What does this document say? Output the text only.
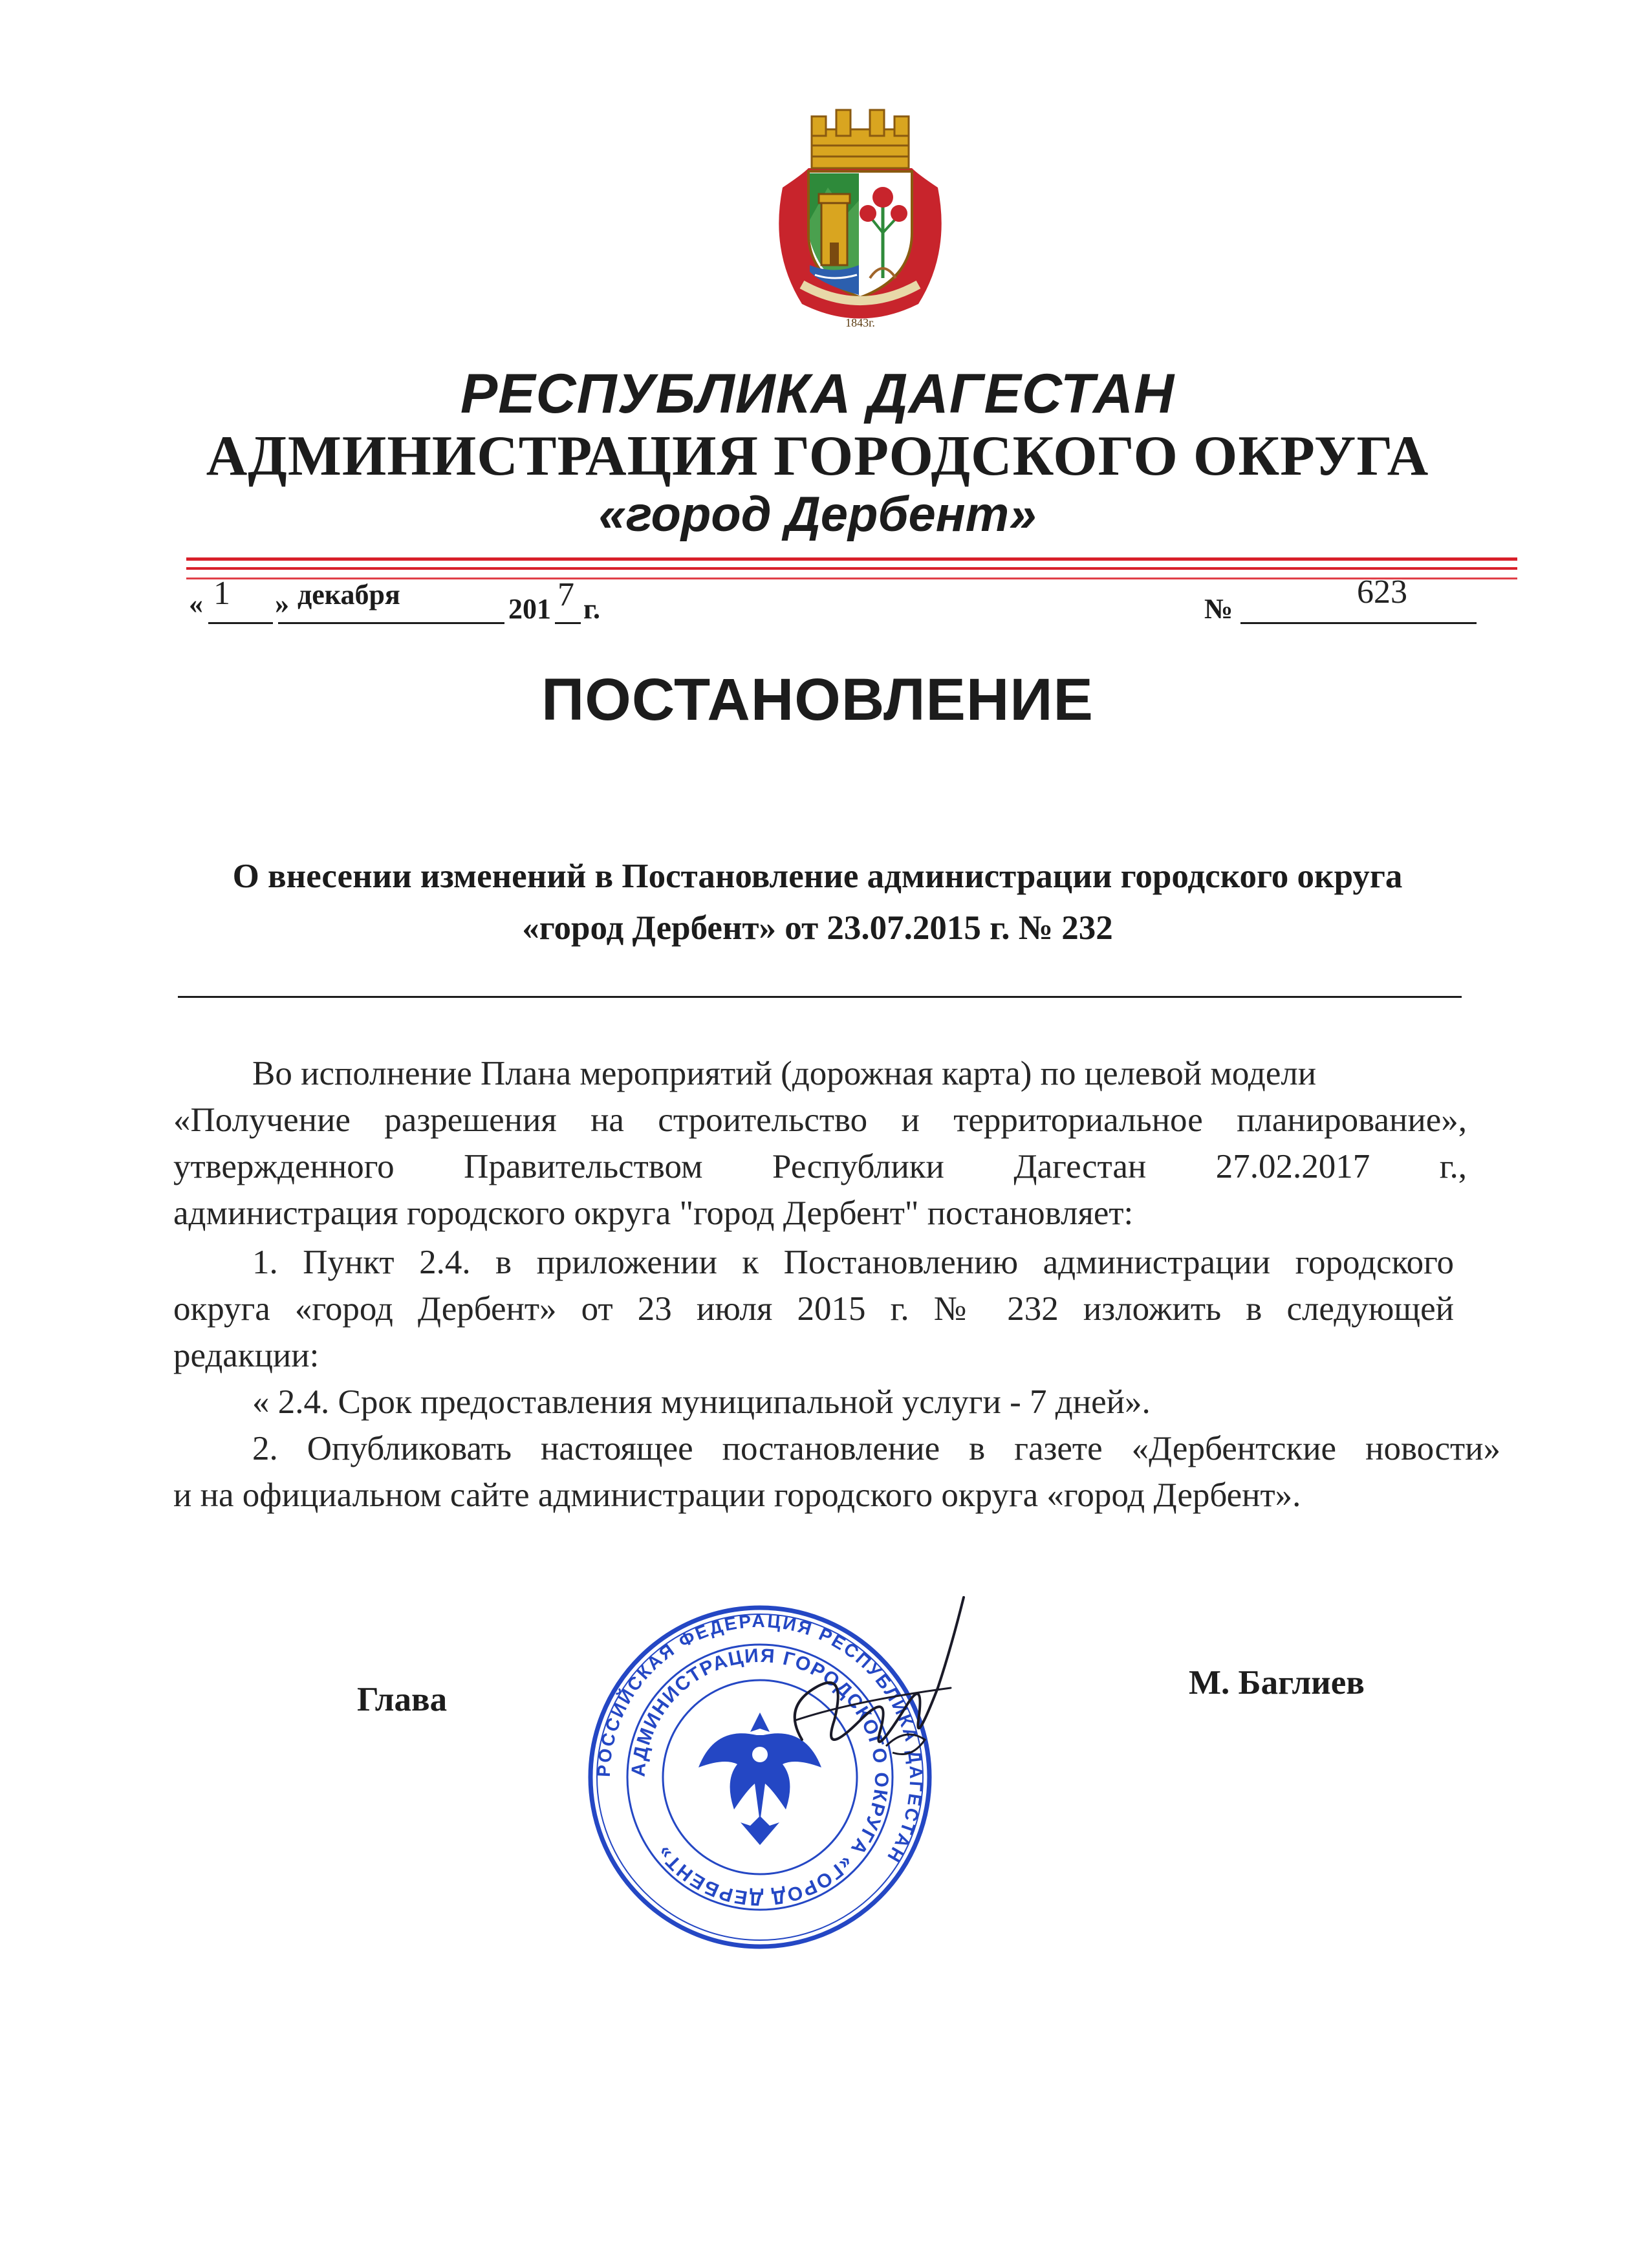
1843г.
РЕСПУБЛИКА ДАГЕСТАН
АДМИНИСТРАЦИЯ ГОРОДСКОГО ОКРУГА
«город Дербент»
« 1 » декабря	201 7 г.	№	623
ПОСТАНОВЛЕНИЕ
О внесении изменений в Постановление администрации городского округа
«город Дербент» от 23.07.2015 г. № 232
Во исполнение Плана мероприятий (дорожная карта) по целевой модели
«Получение разрешения на строительство и территориальное планирование»,
утвержденного Правительством Республики Дагестан 27.02.2017 г.,
администрация городского округа "город Дербент" постановляет:
1. Пункт 2.4. в приложении к Постановлению администрации городского
округа «город Дербент» от 23 июля 2015 г. № 232 изложить в следующей
редакции:
« 2.4. Срок предоставления муниципальной услуги - 7 дней».
2. Опубликовать настоящее постановление в газете «Дербентские новости»
и на официальном сайте администрации городского округа «город Дербент».
Глава	М. Баглиев
РОССИЙСКАЯ ФЕДЕРАЦИЯ РЕСПУБЛИКА ДАГЕСТАН
АДМИНИСТРАЦИЯ ГОРОДСКОГО ОКРУГА «ГОРОД ДЕРБЕНТ»
